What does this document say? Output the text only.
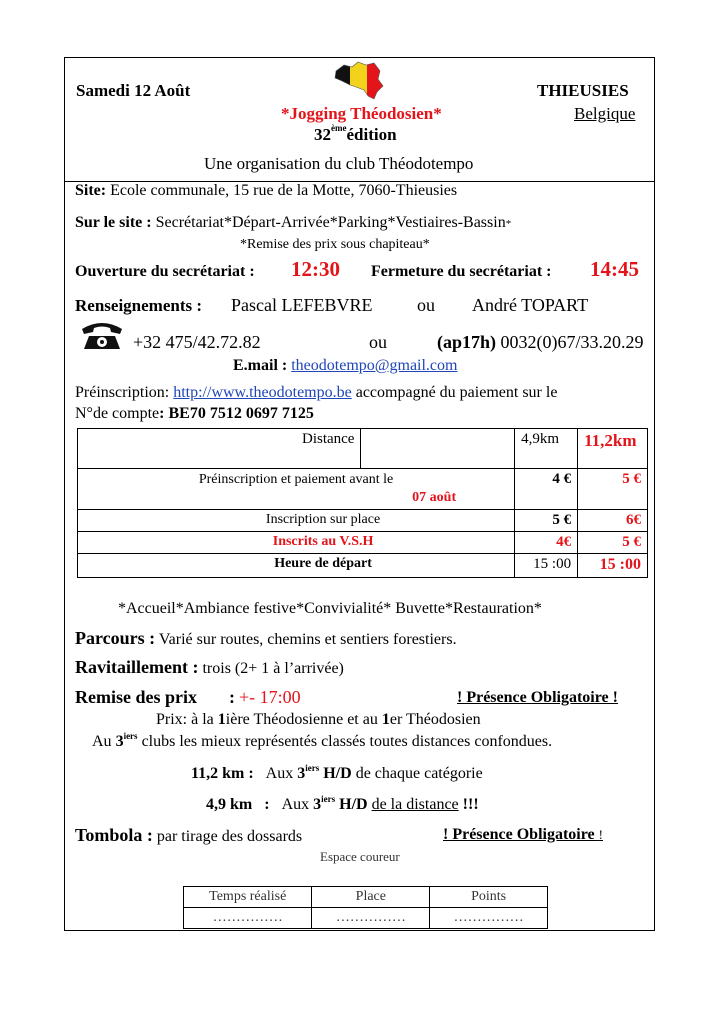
Samedi 12 Août	THIEUSIES
*Jogging Théodosien*	Belgique
32èmeédition
Une organisation du club Théodotempo
Site: Ecole communale, 15 rue de la Motte, 7060-Thieusies
Sur le site : Secrétariat*Départ-Arrivée*Parking*Vestiaires-Bassin*
*Remise des prix sous chapiteau*
Ouverture du secrétariat : 12:30 Fermeture du secrétariat : 14:45
Renseignements : Pascal LEFEBVRE ou André TOPART
+32 475/42.72.82	ou	(ap17h) 0032(0)67/33.20.29
E.mail : theodotempo@gmail.com
Préinscription: http://www.theodotempo.be accompagné du paiement sur le
N°de compte: BE70 7512 0697 7125
Distance		4,9km	11,2km

Préinscription et paiement avant le
07 août		4 €	5 €
Inscription sur place		5 €	6€
Inscrits au V.S.H		4€	5 €
Heure de départ		15 :00	15 :00
*Accueil*Ambiance festive*Convivialité* Buvette*Restauration*
Parcours : Varié sur routes, chemins et sentiers forestiers.
Ravitaillement : trois (2+ 1 à l’arrivée)
Remise des prix : +- 17:00	! Présence Obligatoire !
Prix: à la 1ière Théodosienne et au 1er Théodosien
Au $3^{iers}$ clubs les mieux représentés classés toutes distances confondues.
11,2 km : Aux $3^{iers}$ H/D de chaque catégorie
4,9 km : Aux $3^{iers}$ H/D de la distance !!!
Tombola : par tirage des dossards	! Présence Obligatoire !
Espace coureur
Temps réalisé	Place	Points
……………	……………	……………
